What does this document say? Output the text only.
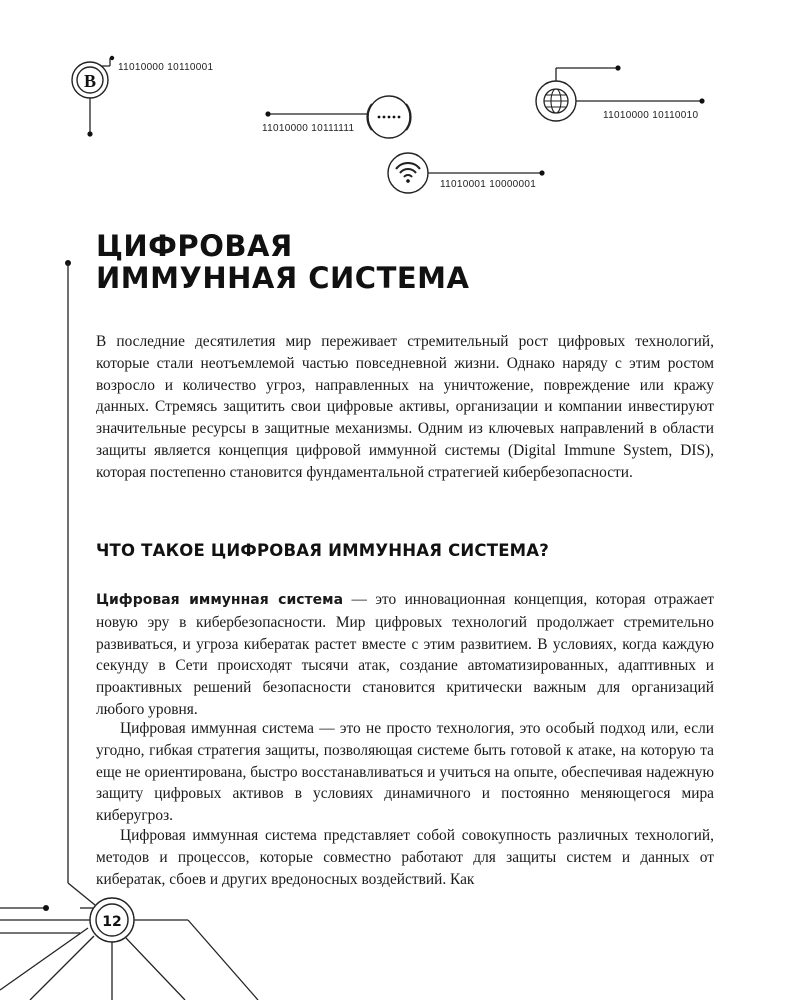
B
11010000 10110001
11010000 10111111
11010000 10110010
11010001 10000001
12
ЦИФРОВАЯ
ИММУННАЯ СИСТЕМА

В последние десятилетия мир переживает стремительный рост цифровых технологий, которые стали неотъемлемой частью повседневной жизни. Однако наряду с этим ростом возросло и количество угроз, направленных на уничтожение, повреждение или кражу данных. Стремясь защитить свои цифровые активы, организации и компании инвестируют значительные ресурсы в защитные механизмы. Одним из ключевых направлений в области защиты является концепция цифровой иммунной системы (Digital Immune System, DIS), которая постепенно становится фундаментальной стратегией кибербезопасности.

ЧТО ТАКОЕ ЦИФРОВАЯ ИММУННАЯ СИСТЕМА?

Цифровая иммунная система — это инновационная концепция, которая отражает новую эру в кибербезопасности. Мир цифровых технологий продолжает стремительно развиваться, и угроза кибератак растет вместе с этим развитием. В условиях, когда каждую секунду в Сети происходят тысячи атак, создание автоматизированных, адаптивных и проактивных решений безопасности становится критически важным для организаций любого уровня.

Цифровая иммунная система — это не просто технология, это особый подход или, если угодно, гибкая стратегия защиты, позволяющая системе быть готовой к атаке, на которую та еще не ориентирована, быстро восстанавливаться и учиться на опыте, обеспечивая надежную защиту цифровых активов в условиях динамичного и постоянно меняющегося мира киберугроз.

Цифровая иммунная система представляет собой совокупность различных технологий, методов и процессов, которые совместно работают для защиты систем и данных от кибератак, сбоев и других вредоносных воздействий. Как
